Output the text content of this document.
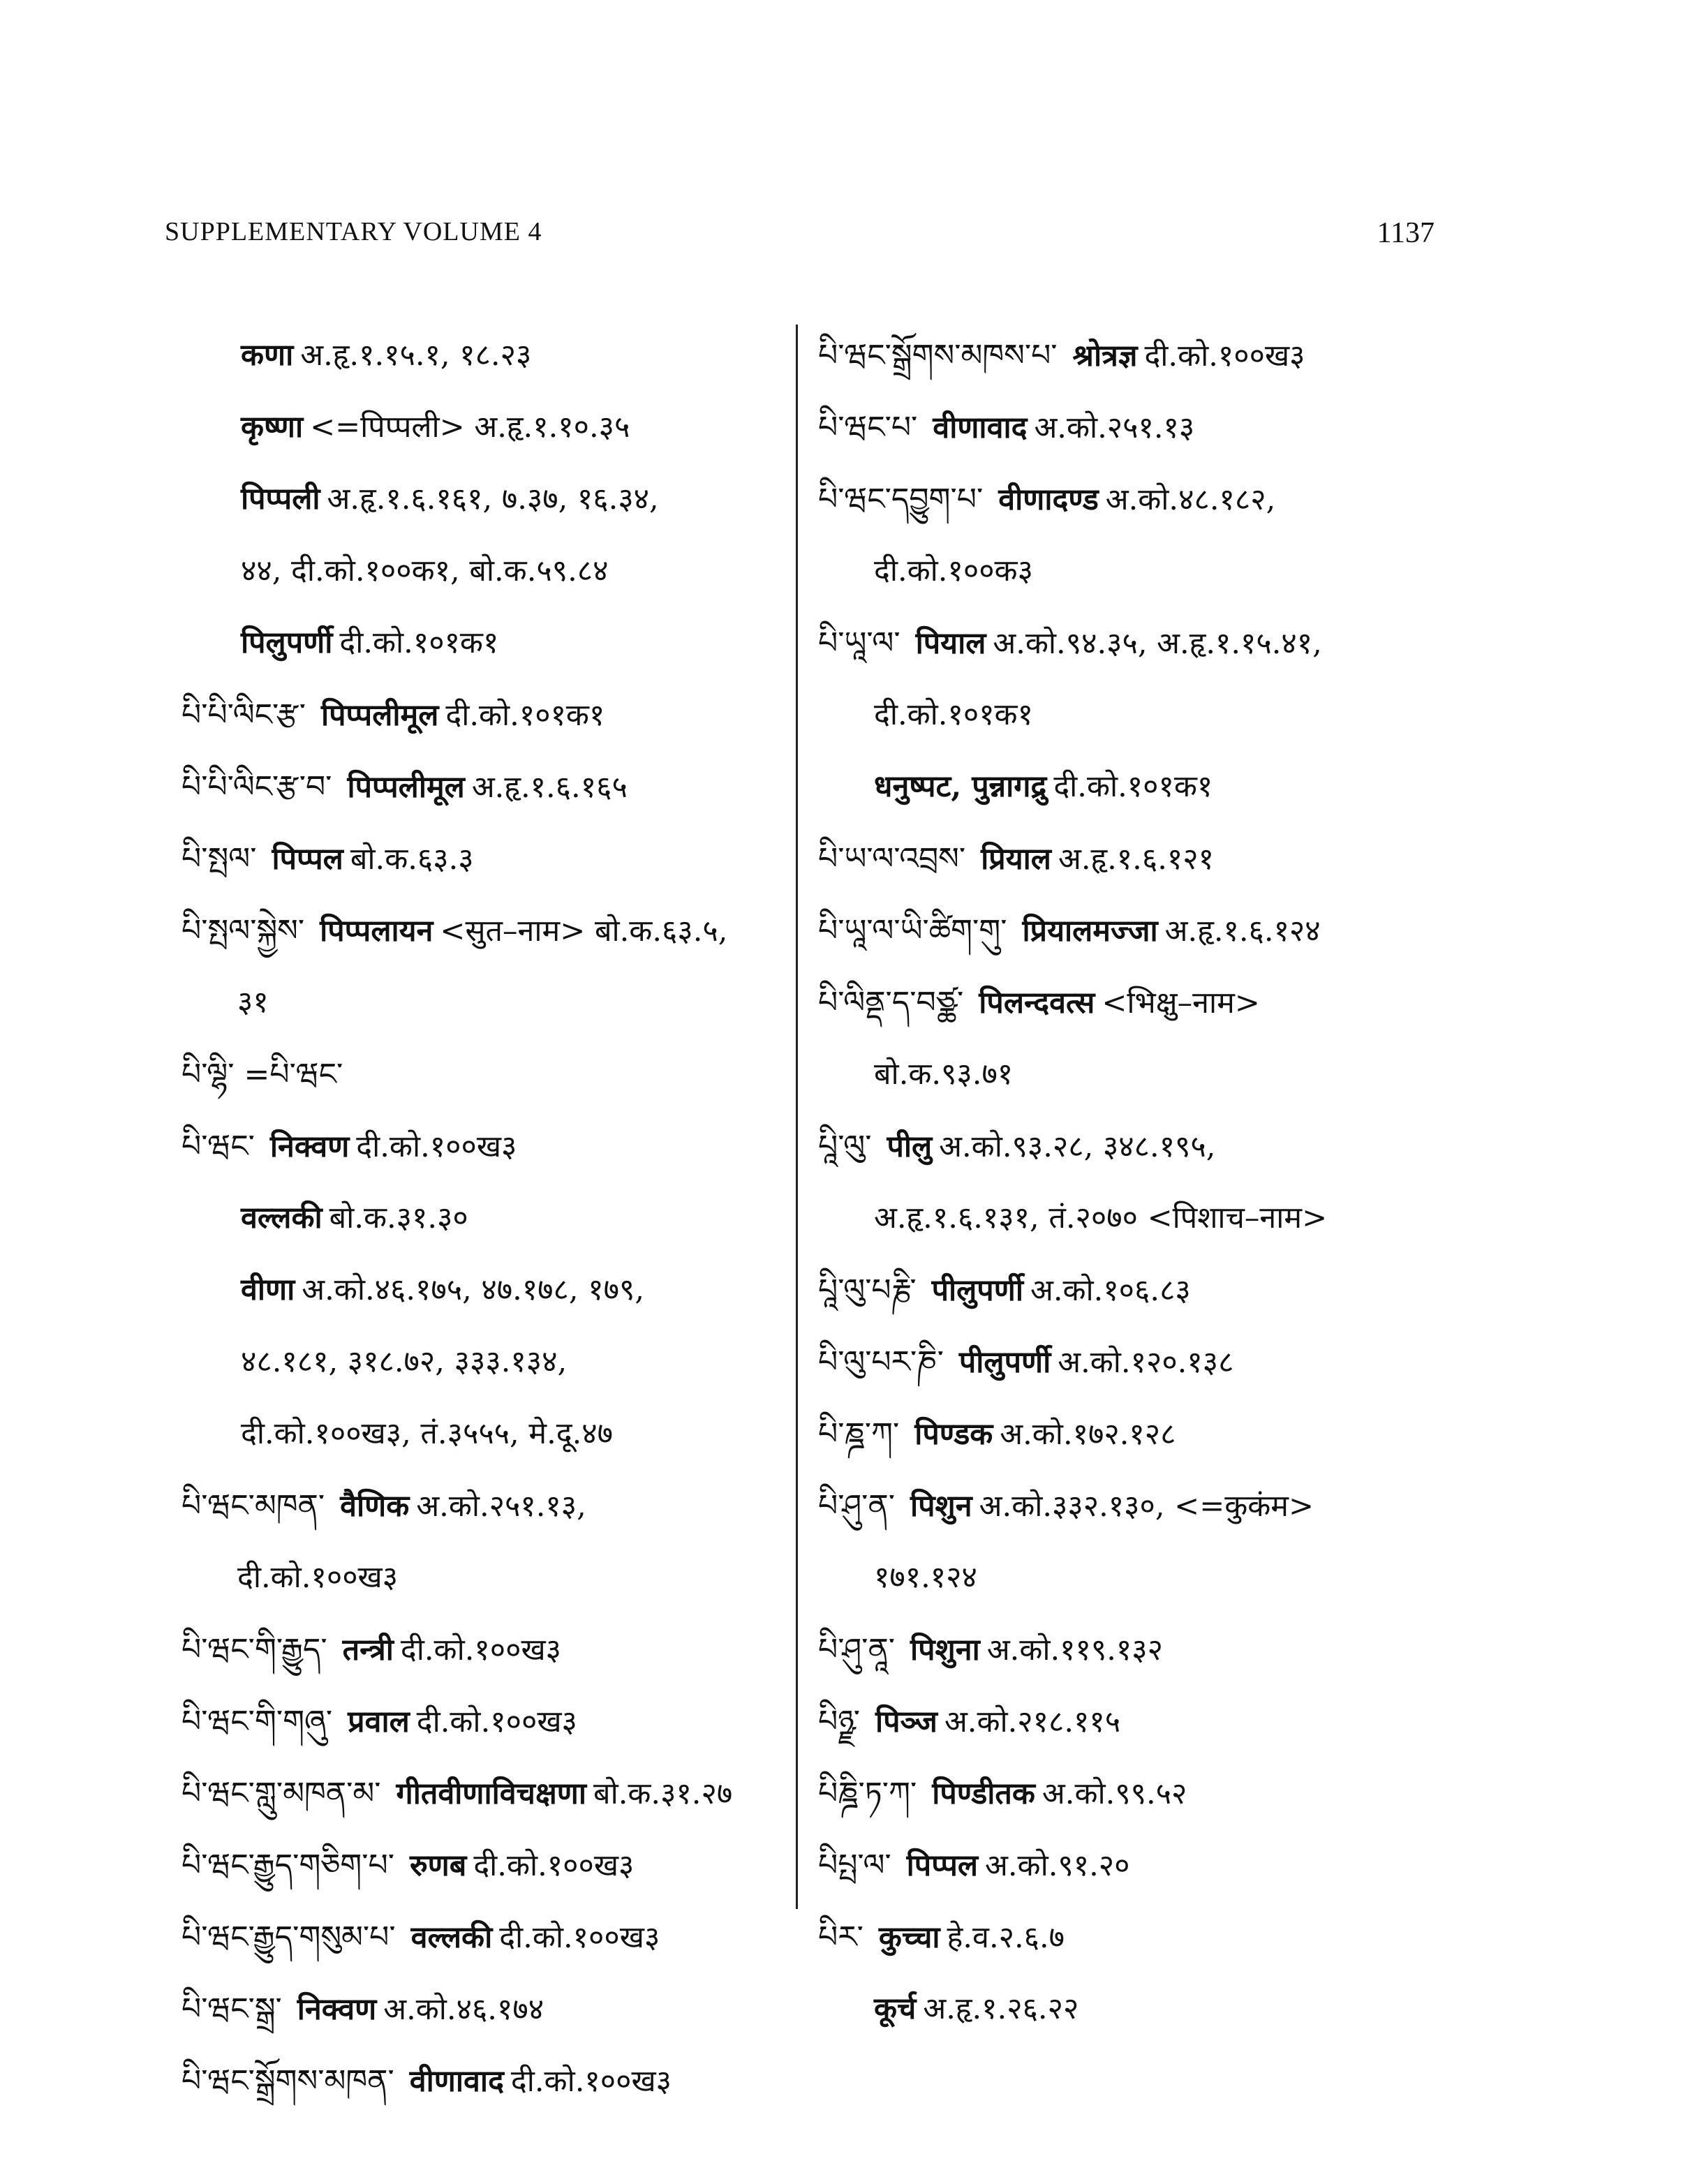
SUPPLEMENTARY VOLUME 4	1137
कणा अ.हृ.१.१५.१, १८.२३
कृष्णा <=पिप्पली> अ.हृ.१.१०.३५
पिप्पली अ.हृ.१.६.१६१, ७.३७, १६.३४,
४४, दी.को.१००क१, बो.क.५९.८४
पिलुपर्णी दी.को.१०१क१
པི་པི་ལིང་རྩ་ पिप्पलीमूल दी.को.१०१क१
པི་པི་ལིང་རྩ་བ་ पिप्पलीमूल अ.हृ.१.६.१६५
པི་སྤལ་ पिप्पल बो.क.६३.३
པི་སྤལ་སྐྱེས་ पिप्पलायन <सुत–नाम> बो.क.६३.५,
३१
པི་ལྷི་ =པི་ཝང་
པི་ཝང་ निक्वण दी.को.१००ख३
वल्लकी बो.क.३१.३०
वीणा अ.को.४६.१७५, ४७.१७८, १७९,
४८.१८१, ३१८.७२, ३३३.१३४,
दी.को.१००ख३, तं.३५५५, मे.दू.४७
པི་ཝང་མཁན་ वैणिक अ.को.२५१.१३,
दी.को.१००ख३
པི་ཝང་གི་རྒྱུད་ तन्त्री दी.को.१००ख३
པི་ཝང་གི་གཞུ་ प्रवाल दी.को.१००ख३
པི་ཝང་གླུ་མཁན་མ་ गीतवीणाविचक्षणा बो.क.३१.२७
པི་ཝང་རྒྱུད་གཅིག་པ་ रुणब दी.को.१००ख३
པི་ཝང་རྒྱུད་གསུམ་པ་ वल्लकी दी.को.१००ख३
པི་ཝང་སྒྲ་ निक्वण अ.को.४६.१७४
པི་ཝང་སྒྲོགས་མཁན་ वीणावाद दी.को.१००ख३
པི་ཝང་སྒྲོགས་མཁས་པ་ श्रोत्रज्ञ दी.को.१००ख३
པི་ཝང་པ་ वीणावाद अ.को.२५१.१३
པི་ཝང་དབྱུག་པ་ वीणादण्ड अ.को.४८.१८२,
दी.को.१००क३
པི་ཡཱ་ལ་ पियाल अ.को.९४.३५, अ.हृ.१.१५.४१,
दी.को.१०१क१
धनुष्पट, पुन्नागद्रु दी.को.१०१क१
པི་ཡ་ལ་འབྲས་ प्रियाल अ.हृ.१.६.१२१
པི་ཡཱ་ལ་ཡི་ཚིག་གུ་ प्रियालमज्जा अ.हृ.१.६.१२४
པི་ལིནྡ་ད་བཙྪ་ पिलन्दवत्स <भिक्षु–नाम>
बो.क.९३.७१
པཱི་ལུ་ पीलु अ.को.९३.२८, ३४८.१९५,
अ.हृ.१.६.१३१, तं.२०७० <पिशाच–नाम>
པཱི་ལུ་པརྞི་ पीलुपर्णी अ.को.१०६.८३
པི་ལུ་པར་ཎི་ पीलुपर्णी अ.को.१२०.१३८
པི་ཎྜ་ཀ་ पिण्डक अ.को.१७२.१२८
པི་ཤུ་ན་ पिशुन अ.को.३३२.१३०, <=कुकंम>
१७१.१२४
པི་ཤུ་ནཱ་ पिशुना अ.को.११९.१३२
པིཉྫ་ पिञ्ज अ.को.२१८.११५
པིཎྜི་ཏ་ཀ་ पिण्डीतक अ.को.९९.५२
པིཔྤ་ལ་ पिप्पल अ.को.९१.२०
པིར་ कुच्चा हे.व.२.६.७
कूर्च अ.हृ.१.२६.२२
